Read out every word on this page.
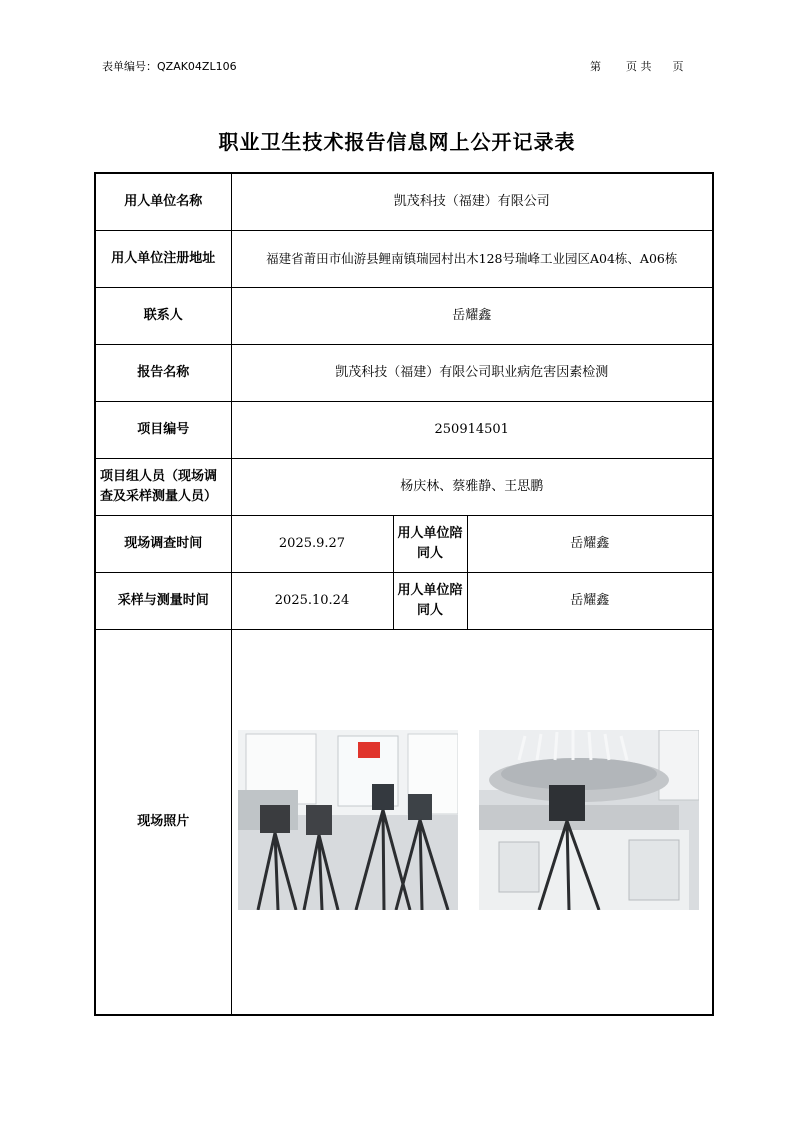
表单编号：QZAK04ZL106	第 页 共 页
职业卫生技术报告信息网上公开记录表
用人单位名称	凯茂科技（福建）有限公司		
用人单位注册地址	福建省莆田市仙游县鲤南镇瑞园村出木128号瑞峰工业园区A04栋、A06栋		
联系人	岳耀鑫		
报告名称	凯茂科技（福建）有限公司职业病危害因素检测		
项目编号	250914501		
项目组人员（现场调查及采样测量人员）	杨庆林、蔡雅静、王思鹏		
现场调查时间	2025.9.27	用人单位陪同人	岳耀鑫
采样与测量时间	2025.10.24	用人单位陪同人	岳耀鑫
现场照片			
